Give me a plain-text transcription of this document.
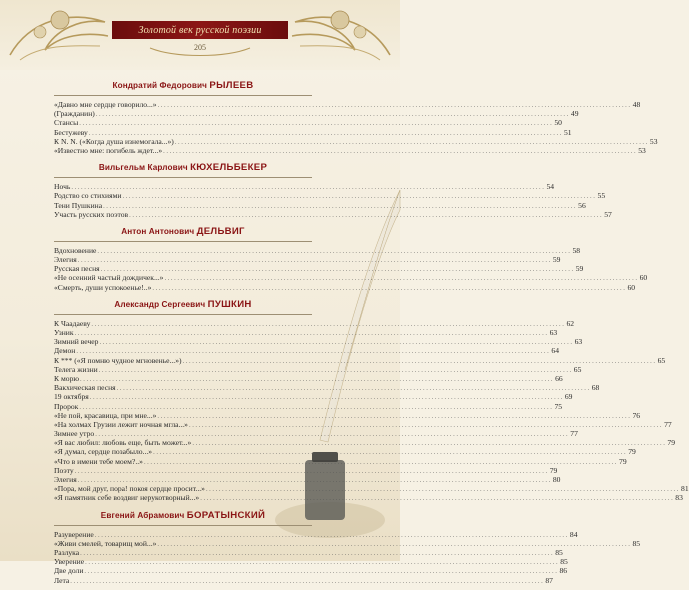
Золотой век русской поэзии
205
Кондратий Федорович РЫЛЕЕВ
«Давно мне сердце говорило...» .....	48
(Гражданин) .....	49
Стансы .....	50
Бестужеву .....	51
К N. N. («Когда душа изнемогала...») .....	53
«Известно мне: погибель ждет...» .....	53
Вильгельм Карлович КЮХЕЛЬБЕКЕР
Ночь .....	54
Родство со стихиями .....	55
Тени Пушкина .....	56
Участь русских поэтов .....	57
Антон Антонович ДЕЛЬВИГ
Вдохновение .....	58
Элегия .....	59
Русская песня .....	59
«Не осенний частый дождичек...» .....	60
«Смерть, души успокоенье!..» .....	60
Александр Сергеевич ПУШКИН
К Чаадаеву .....	62
Узник .....	63
Зимний вечер .....	63
Демон .....	64
К *** («Я помню чудное мгновенье...») .....	65
Телега жизни .....	65
К морю .....	66
Вакхическая песня .....	68
19 октября .....	69
Пророк .....	75
«Не пой, красавица, при мне...» .....	76
«На холмах Грузии лежит ночная мгла...» .....	77
Зимнее утро .....	77
«Я вас любил: любовь еще, быть может...» .....	79
«Я думал, сердце позабыло...» .....	79
«Что в имени тебе моем?..» .....	79
Поэту .....	79
Элегия .....	80
«Пора, мой друг, пора! покоя сердце просит...» .....	81
«Я памятник себе воздвиг нерукотворный...» .....	83
Евгений Абрамович БОРАТЫНСКИЙ
Разуверение .....	84
«Живи смелей, товарищ мой...» .....	85
Разлука .....	85
Уверение .....	85
Две доли .....	86
Лета .....	87
